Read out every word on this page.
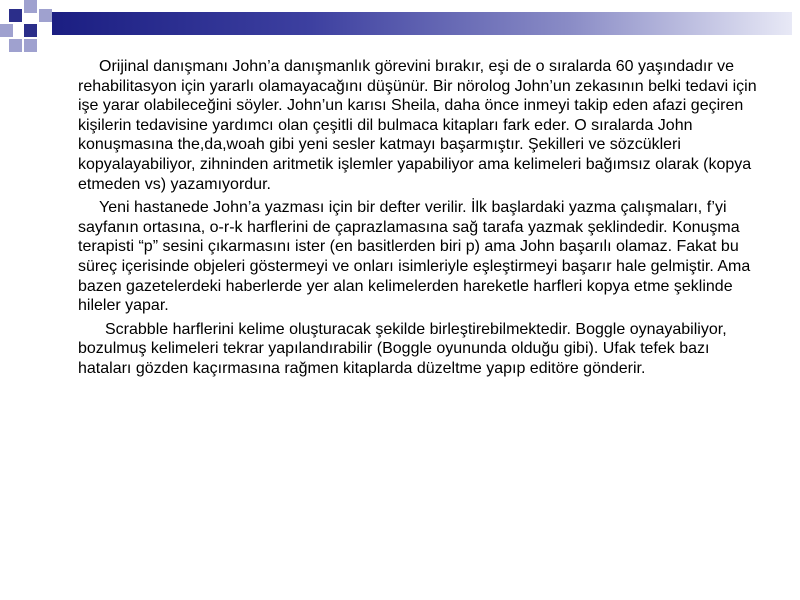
Orijinal danışmanı John’a danışmanlık görevini bırakır, eşi de o sıralarda 60 yaşındadır ve rehabilitasyon için yararlı olamayacağını düşünür. Bir nörolog John’un zekasının belki tedavi için işe yarar olabileceğini söyler. John’un karısı Sheila, daha önce inmeyi takip eden afazi geçiren kişilerin tedavisine yardımcı olan çeşitli dil bulmaca kitapları fark eder. O sıralarda John konuşmasına the,da,woah gibi yeni sesler katmayı başarmıştır. Şekilleri ve sözcükleri kopyalayabiliyor, zihninden aritmetik işlemler yapabiliyor ama kelimeleri bağımsız olarak (kopya etmeden vs) yazamıyordur.

Yeni hastanede John’a yazması için bir defter verilir. İlk başlardaki yazma çalışmaları, f’yi sayfanın ortasına, o-r-k harflerini de çaprazlamasına sağ tarafa yazmak şeklindedir. Konuşma terapisti “p” sesini çıkarmasını ister (en basitlerden biri p) ama John başarılı olamaz. Fakat bu süreç içerisinde objeleri göstermeyi ve onları isimleriyle eşleştirmeyi başarır hale gelmiştir. Ama bazen gazetelerdeki haberlerde yer alan kelimelerden hareketle harfleri kopya etme şeklinde hileler yapar.

Scrabble harflerini kelime oluşturacak şekilde birleştirebilmektedir. Boggle oynayabiliyor, bozulmuş kelimeleri tekrar yapılandırabilir (Boggle oyununda olduğu gibi). Ufak tefek bazı hataları gözden kaçırmasına rağmen kitaplarda düzeltme yapıp editöre gönderir.
